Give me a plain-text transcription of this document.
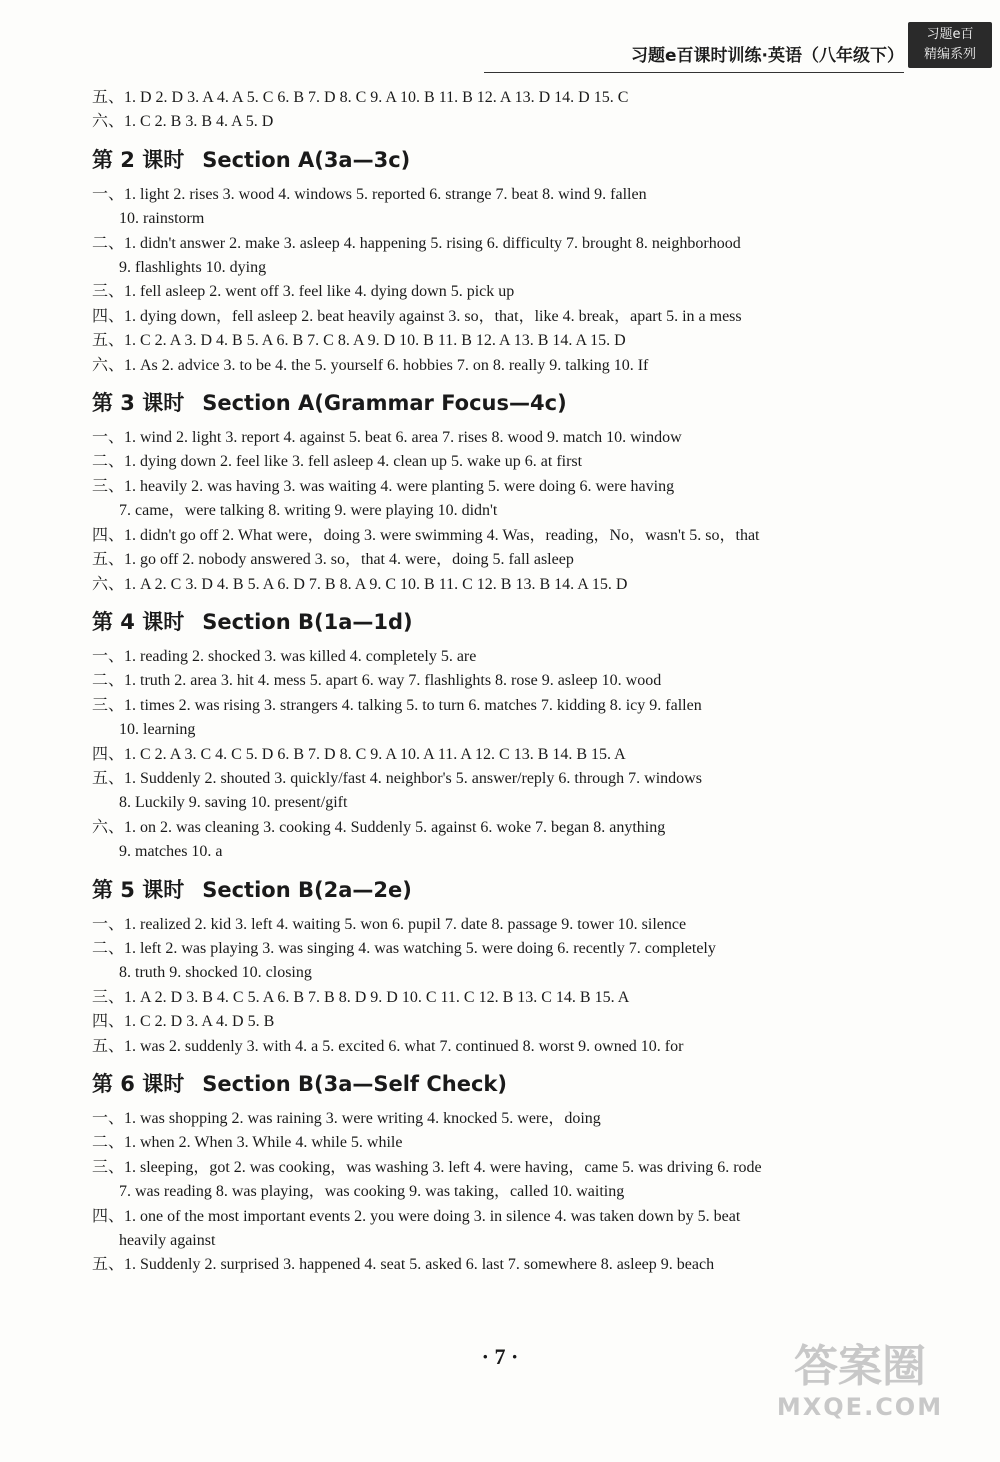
习题e百课时训练·英语（八年级下）
习题e百
精编系列
五、1. D 2. D 3. A 4. A 5. C 6. B 7. D 8. C 9. A 10. B 11. B 12. A 13. D 14. D 15. C
六、1. C 2. B 3. B 4. A 5. D
第 2 课时 Section A(3a—3c)
一、1. light 2. rises 3. wood 4. windows 5. reported 6. strange 7. beat 8. wind 9. fallen
10. rainstorm
二、1. didn't answer 2. make 3. asleep 4. happening 5. rising 6. difficulty 7. brought 8. neighborhood
9. flashlights 10. dying
三、1. fell asleep 2. went off 3. feel like 4. dying down 5. pick up
四、1. dying down，fell asleep 2. beat heavily against 3. so，that，like 4. break，apart 5. in a mess
五、1. C 2. A 3. D 4. B 5. A 6. B 7. C 8. A 9. D 10. B 11. B 12. A 13. B 14. A 15. D
六、1. As 2. advice 3. to be 4. the 5. yourself 6. hobbies 7. on 8. really 9. talking 10. If
第 3 课时 Section A(Grammar Focus—4c)
一、1. wind 2. light 3. report 4. against 5. beat 6. area 7. rises 8. wood 9. match 10. window
二、1. dying down 2. feel like 3. fell asleep 4. clean up 5. wake up 6. at first
三、1. heavily 2. was having 3. was waiting 4. were planting 5. were doing 6. were having
7. came，were talking 8. writing 9. were playing 10. didn't
四、1. didn't go off 2. What were，doing 3. were swimming 4. Was，reading，No，wasn't 5. so，that
五、1. go off 2. nobody answered 3. so，that 4. were，doing 5. fall asleep
六、1. A 2. C 3. D 4. B 5. A 6. D 7. B 8. A 9. C 10. B 11. C 12. B 13. B 14. A 15. D
第 4 课时 Section B(1a—1d)
一、1. reading 2. shocked 3. was killed 4. completely 5. are
二、1. truth 2. area 3. hit 4. mess 5. apart 6. way 7. flashlights 8. rose 9. asleep 10. wood
三、1. times 2. was rising 3. strangers 4. talking 5. to turn 6. matches 7. kidding 8. icy 9. fallen
10. learning
四、1. C 2. A 3. C 4. C 5. D 6. B 7. D 8. C 9. A 10. A 11. A 12. C 13. B 14. B 15. A
五、1. Suddenly 2. shouted 3. quickly/fast 4. neighbor's 5. answer/reply 6. through 7. windows
8. Luckily 9. saving 10. present/gift
六、1. on 2. was cleaning 3. cooking 4. Suddenly 5. against 6. woke 7. began 8. anything
9. matches 10. a
第 5 课时 Section B(2a—2e)
一、1. realized 2. kid 3. left 4. waiting 5. won 6. pupil 7. date 8. passage 9. tower 10. silence
二、1. left 2. was playing 3. was singing 4. was watching 5. were doing 6. recently 7. completely
8. truth 9. shocked 10. closing
三、1. A 2. D 3. B 4. C 5. A 6. B 7. B 8. D 9. D 10. C 11. C 12. B 13. C 14. B 15. A
四、1. C 2. D 3. A 4. D 5. B
五、1. was 2. suddenly 3. with 4. a 5. excited 6. what 7. continued 8. worst 9. owned 10. for
第 6 课时 Section B(3a—Self Check)
一、1. was shopping 2. was raining 3. were writing 4. knocked 5. were，doing
二、1. when 2. When 3. While 4. while 5. while
三、1. sleeping，got 2. was cooking，was washing 3. left 4. were having，came 5. was driving 6. rode
7. was reading 8. was playing，was cooking 9. was taking，called 10. waiting
四、1. one of the most important events 2. you were doing 3. in silence 4. was taken down by 5. beat
heavily against
五、1. Suddenly 2. surprised 3. happened 4. seat 5. asked 6. last 7. somewhere 8. asleep 9. beach
· 7 ·	答案圈
MXQE.COM
